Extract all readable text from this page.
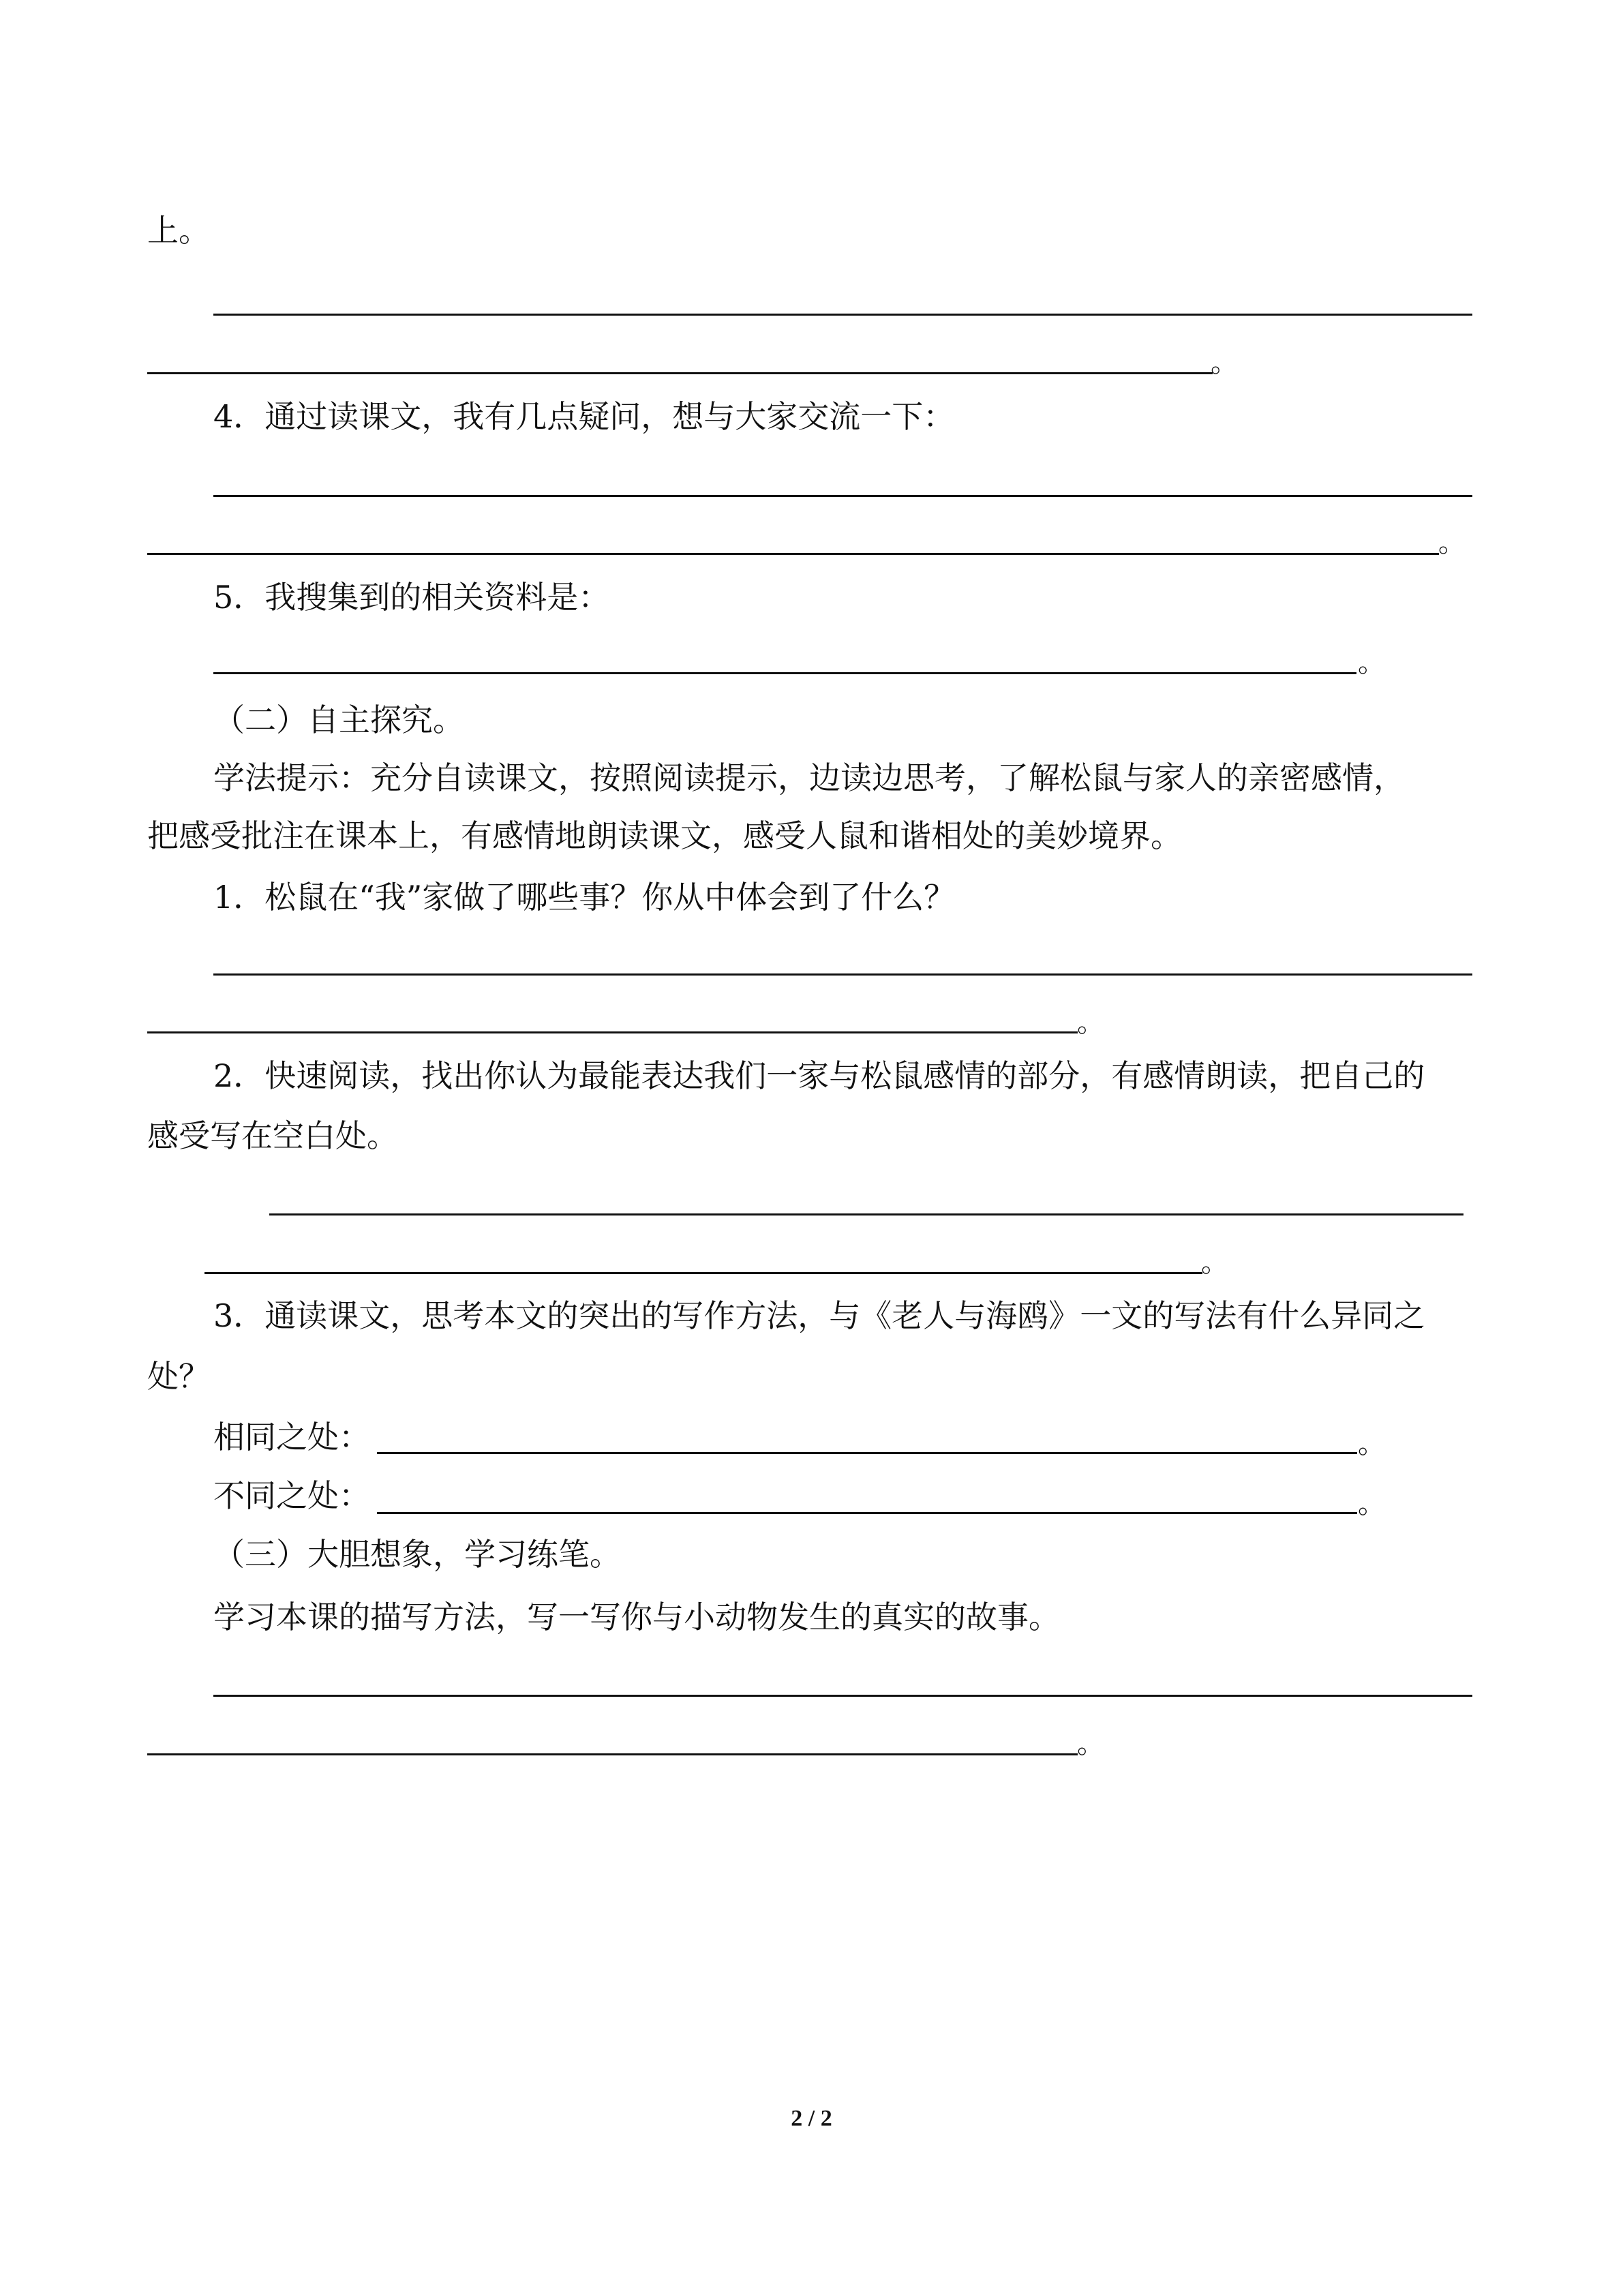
上。
。
4．通过读课文，我有几点疑问，想与大家交流一下：
。
5．我搜集到的相关资料是：
。
（二）自主探究。
学法提示：充分自读课文，按照阅读提示，边读边思考，了解松鼠与家人的亲密感情，
把感受批注在课本上，有感情地朗读课文，感受人鼠和谐相处的美妙境界。
1．松鼠在“我”家做了哪些事？你从中体会到了什么？
。
2．快速阅读，找出你认为最能表达我们一家与松鼠感情的部分，有感情朗读，把自己的
感受写在空白处。
。
3．通读课文，思考本文的突出的写作方法，与《老人与海鸥》一文的写法有什么异同之
处？
相同之处：	。
不同之处：	。
（三）大胆想象，学习练笔。
学习本课的描写方法，写一写你与小动物发生的真实的故事。
。
2 / 2
